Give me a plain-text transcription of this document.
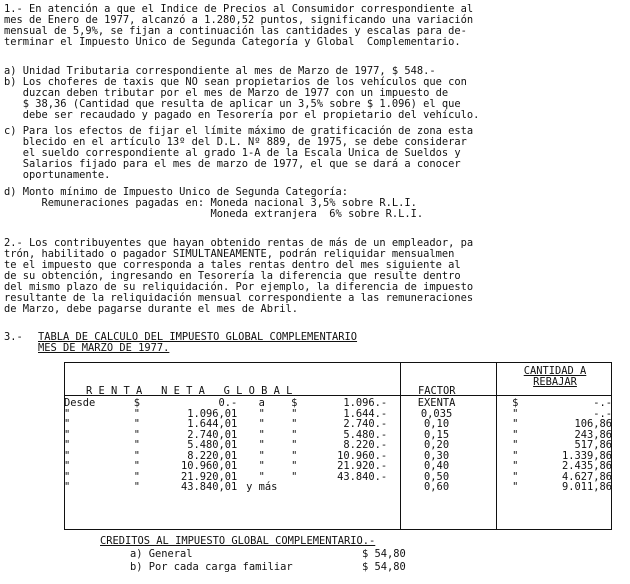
1.- En atención a que el Indice de Precios al Consumidor correspondiente al
mes de Enero de 1977, alcanzó a 1.280,52 puntos, significando una variación
mensual de 5,9%, se fijan a continuación las cantidades y escalas para de-
terminar el Impuesto Unico de Segunda Categoría y Global  Complementario.
a) Unidad Tributaria correspondiente al mes de Marzo de 1977, $ 548.-
b) Los choferes de taxis que NO sean propietarios de los vehículos que con
duzcan deben tributar por el mes de Marzo de 1977 con un impuesto de
$ 38,36 (Cantidad que resulta de aplicar un 3,5% sobre $ 1.096) el que
debe ser recaudado y pagado en Tesorería por el propietario del vehículo.
c) Para los efectos de fijar el límite máximo de gratificación de zona esta
blecido en el artículo 13º del D.L. Nº 889, de 1975, se debe considerar
el sueldo correspondiente al grado 1-A de la Escala Unica de Sueldos y
Salarios fijado para el mes de marzo de 1977, el que se dará a conocer
oportunamente.
d) Monto mínimo de Impuesto Unico de Segunda Categoría:
Remuneraciones pagadas en: Moneda nacional 3,5% sobre R.L.I.
Moneda extranjera  6% sobre R.L.I.
2.- Los contribuyentes que hayan obtenido rentas de más de un empleador, pa
trón, habilitado o pagador SIMULTANEAMENTE, podrán reliquidar mensualmen
te el impuesto que corresponda a tales rentas dentro del mes siguiente al
de su obtención, ingresando en Tesorería la diferencia que resulte dentro
del mismo plazo de su reliquidación. Por ejemplo, la diferencia de impuesto
resultante de la reliquidación mensual correspondiente a las remuneraciones
de Marzo, debe pagarse durante el mes de Abril.
3.- TABLA DE CALCULO DEL IMPUESTO GLOBAL COMPLEMENTARIO
MES DE MARZO DE 1977.
R E N T A   N E T A   G L O B A L	FACTOR
CANTIDAD A REBAJAR
Desde	$	0.-	a	$	1.096.-	EXENTA	$	-.-
"	"	1.096,01	"	"	1.644.-	0,035	"	-.-
"	"	1.644,01	"	"	2.740.-	0,10	"	106,86
"	"	2.740,01	"	"	5.480.-	0,15	"	243,86
"	"	5.480,01	"	"	8.220.-	0,20	"	517,86
"	"	8.220,01	"	"	10.960.-	0,30	"	1.339,86
"	"	10.960,01	"	"	21.920.-	0,40	"	2.435,86
"	"	21.920,01	"	"	43.840.-	0,50	"	4.627,86
"	"	43.840,01	y más			0,60	"	9.011,86
CREDITOS AL IMPUESTO GLOBAL COMPLEMENTARIO.-
a) General	$ 54,80
b) Por cada carga familiar	$ 54,80
